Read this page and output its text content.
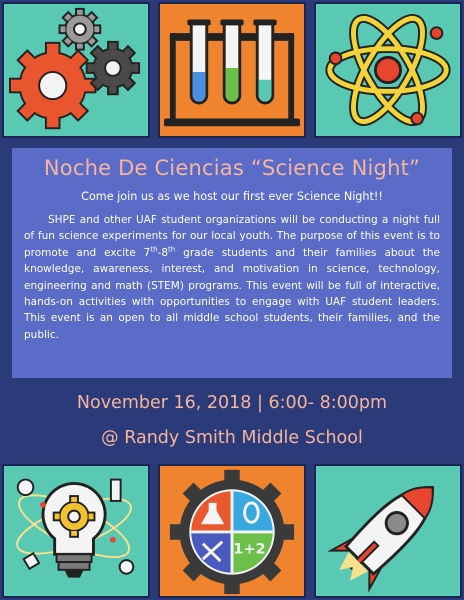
Noche De Ciencias “Science Night”
Come join us as we host our first ever Science Night!!

SHPE and other UAF student organizations will be conducting a night full of fun science experiments for our local youth. The purpose of this event is to promote and excite 7th-8th grade students and their families about the knowledge, awareness, interest, and motivation in science, technology, engineering and math (STEM) programs. This event will be full of interactive, hands-on activities with opportunities to engage with UAF student leaders. This event is an open to all middle school students, their families, and the public.

November 16, 2018 | 6:00- 8:00pm
@ Randy Smith Middle School
1+2
